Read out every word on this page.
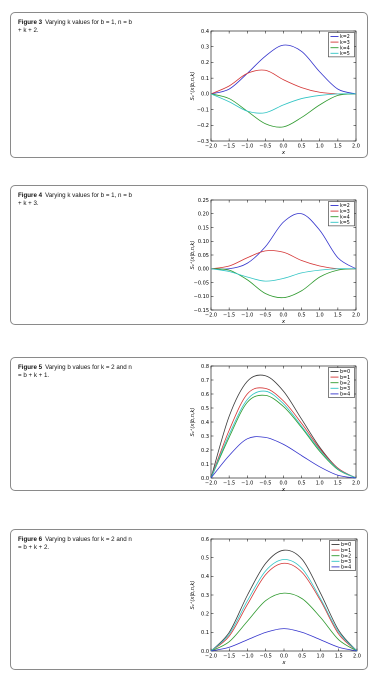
Figure 3 Varying k values for b = 1, n = b + k + 2.
−2.0 −1.5 −1.0 −0.5 0.0 0.5 1.0 1.5 2.0
−0.3
−0.2
−0.1
0.0
0.1
0.2
0.3
0.4
x
S₁⁺(x|b,n,k)
k=2
k=3
k=4
k=5
Figure 4 Varying k values for b = 1, n = b + k + 3.
−2.0 −1.5 −1.0 −0.5 0.0 0.5 1.0 1.5 2.0
−0.15
−0.10
−0.05
0.00
0.05
0.10
0.15
0.20
0.25
x
S₁⁺(x|b,n,k)
k=2
k=3
k=4
k=5
Figure 5 Varying b values for k = 2 and n = b + k + 1.
−2.0 −1.5 −1.0 −0.5 0.0 0.5 1.0 1.5 2.0
0.0
0.1
0.2
0.3
0.4
0.5
0.6
0.7
0.8
x
S₁⁺(x|b,n,k)
b=0
b=1
b=2
b=3
b=4
Figure 6 Varying b values for k = 2 and n = b + k + 2.
−2.0 −1.5 −1.0 −0.5 0.0 0.5 1.0 1.5 2.0
0.0
0.1
0.2
0.3
0.4
0.5
0.6
x
S₁⁺(x|b,n,k)
b=0
b=1
b=2
b=3
b=4
